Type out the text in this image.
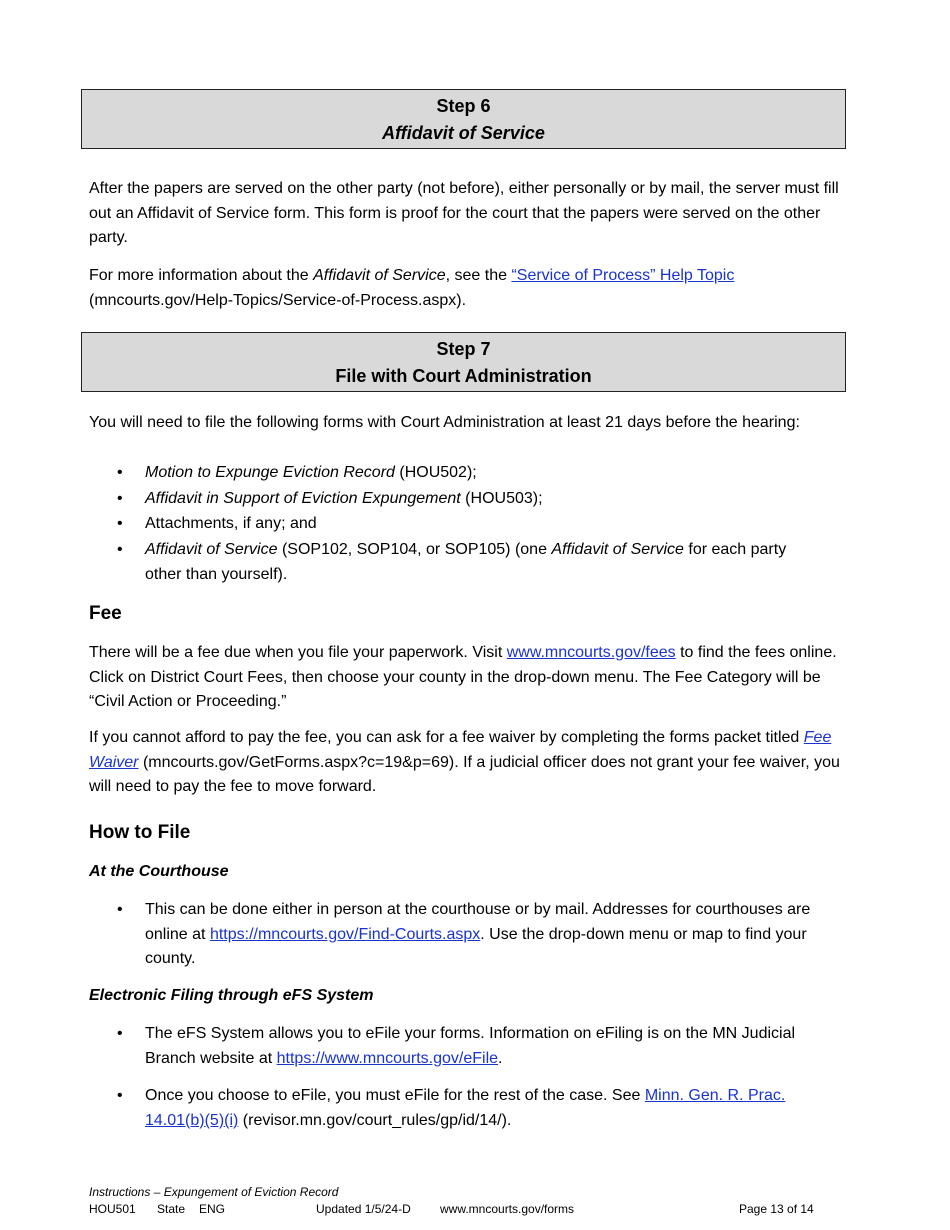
Step 6
Affidavit of Service
After the papers are served on the other party (not before), either personally or by mail, the server must fill out an Affidavit of Service form. This form is proof for the court that the papers were served on the other party.
For more information about the Affidavit of Service, see the “Service of Process” Help Topic (mncourts.gov/Help-Topics/Service-of-Process.aspx).
Step 7
File with Court Administration
You will need to file the following forms with Court Administration at least 21 days before the hearing:
• Motion to Expunge Eviction Record (HOU502);
• Affidavit in Support of Eviction Expungement (HOU503);
• Attachments, if any; and
• Affidavit of Service (SOP102, SOP104, or SOP105) (one Affidavit of Service for each party other than yourself).
Fee
There will be a fee due when you file your paperwork. Visit www.mncourts.gov/fees to find the fees online. Click on District Court Fees, then choose your county in the drop-down menu. The Fee Category will be “Civil Action or Proceeding.”
If you cannot afford to pay the fee, you can ask for a fee waiver by completing the forms packet titled Fee Waiver (mncourts.gov/GetForms.aspx?c=19&p=69). If a judicial officer does not grant your fee waiver, you will need to pay the fee to move forward.
How to File
At the Courthouse
• This can be done either in person at the courthouse or by mail. Addresses for courthouses are online at https://mncourts.gov/Find-Courts.aspx. Use the drop-down menu or map to find your county.
Electronic Filing through eFS System
• The eFS System allows you to eFile your forms. Information on eFiling is on the MN Judicial Branch website at https://www.mncourts.gov/eFile.
• Once you choose to eFile, you must eFile for the rest of the case. See Minn. Gen. R. Prac. 14.01(b)(5)(i) (revisor.mn.gov/court_rules/gp/id/14/).
Instructions – Expungement of Eviction Record
HOU501 State ENG	Updated 1/5/24-D www.mncourts.gov/forms	Page 13 of 14
